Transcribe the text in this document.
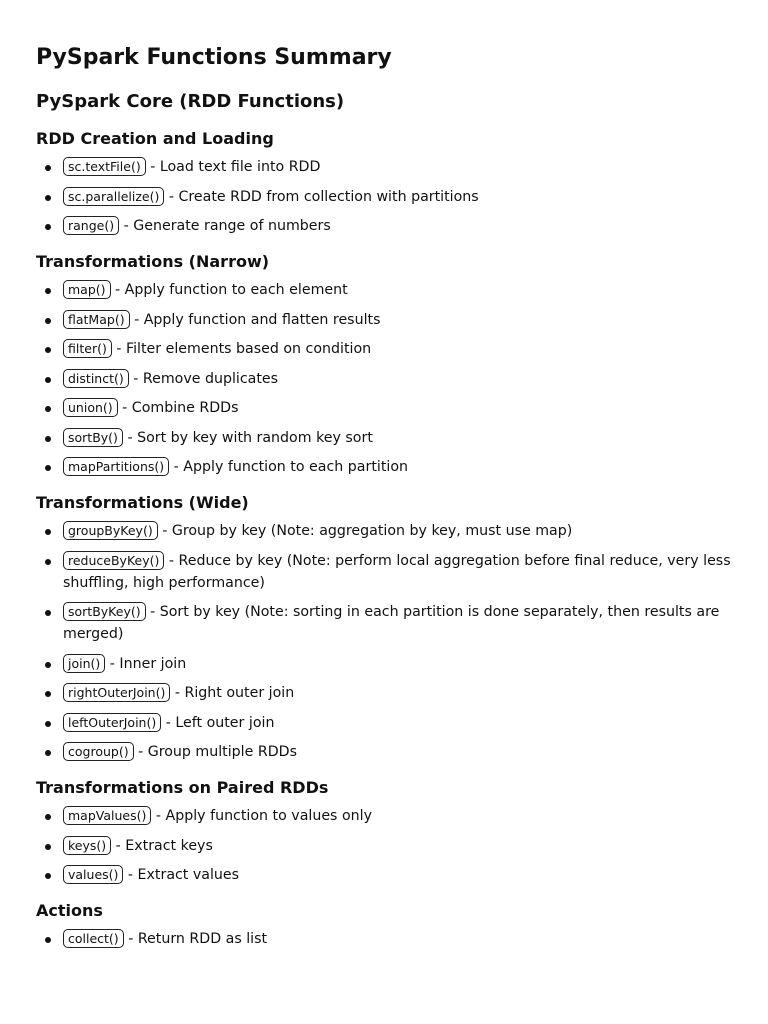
PySpark Functions Summary
PySpark Core (RDD Functions)
RDD Creation and Loading
sc.textFile() - Load text file into RDD
sc.parallelize() - Create RDD from collection with partitions
range() - Generate range of numbers
Transformations (Narrow)
map() - Apply function to each element
flatMap() - Apply function and flatten results
filter() - Filter elements based on condition
distinct() - Remove duplicates
union() - Combine RDDs
sortBy() - Sort by key with random key sort
mapPartitions() - Apply function to each partition
Transformations (Wide)
groupByKey() - Group by key (Note: aggregation by key, must use map)
reduceByKey() - Reduce by key (Note: perform local aggregation before final reduce, very less shuffling, high performance)
sortByKey() - Sort by key (Note: sorting in each partition is done separately, then results are merged)
join() - Inner join
rightOuterJoin() - Right outer join
leftOuterJoin() - Left outer join
cogroup() - Group multiple RDDs
Transformations on Paired RDDs
mapValues() - Apply function to values only
keys() - Extract keys
values() - Extract values
Actions
collect() - Return RDD as list
